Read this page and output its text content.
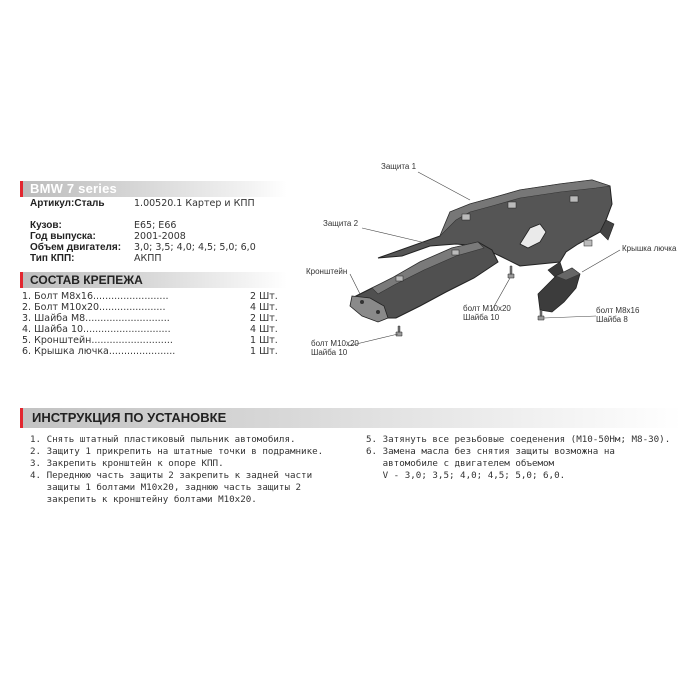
BMW 7 series
Артикул:Сталь	1.00520.1 Картер и КПП
Кузов:	E65; E66
Год выпуска:	2001-2008
Объем двигателя: 3,0; 3,5; 4,0; 4,5; 5,0; 6,0
Тип КПП:	АКПП
СОСТАВ КРЕПЕЖА
1. Болт M8x16.........................	2 Шт.
2. Болт M10x20......................	4 Шт.
3. Шайба M8............................	2 Шт.
4. Шайба 10.............................	4 Шт.
5. Кронштейн...........................	1 Шт.
6. Крышка лючка......................	1 Шт.
Защита 1
Защита 2
Крышка лючка
Кронштейн
болт M10x20
Шайба 10
болт M8x16
Шайба 8
болт M10x20
Шайба 10
ИНСТРУКЦИЯ ПО УСТАНОВКЕ
1. Снять штатный пластиковый пыльник автомобиля.
2. Защиту 1 прикрепить на штатные точки в подрамнике.
3. Закрепить кронштейн к опоре КПП.
4. Переднюю часть защиты 2 закрепить к задней части
защиты 1 болтами M10x20, заднюю часть защиты 2
закрепить к кронштейну болтами M10x20.
5. Затянуть все резьбовые соеденения (M10-50Нм; M8-30).
6. Замена масла без снятия защиты возможна на
автомобиле с двигателем объемом
V - 3,0; 3,5; 4,0; 4,5; 5,0; 6,0.
